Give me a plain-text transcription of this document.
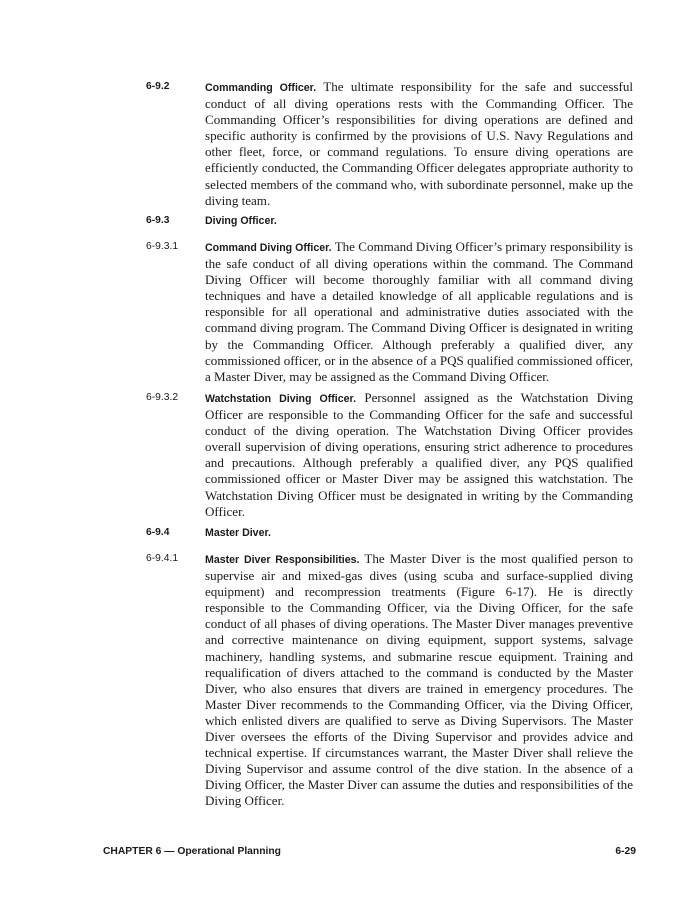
6-9.2	Commanding Officer. The ultimate responsibility for the safe and successful conduct of all diving operations rests with the Commanding Officer. The Commanding Officer’s responsibilities for diving operations are defined and specific authority is confirmed by the provisions of U.S. Navy Regulations and other fleet, force, or command regulations. To ensure diving operations are efficiently conducted, the Commanding Officer delegates appropriate authority to selected members of the command who, with subordinate personnel, make up the diving team.

6-9.3	Diving Officer.
6-9.3.1	Command Diving Officer. The Command Diving Officer’s primary responsibility is the safe conduct of all diving operations within the command. The Command Diving Officer will become thoroughly familiar with all command diving techniques and have a detailed knowledge of all applicable regulations and is responsible for all operational and administrative duties associated with the command diving program. The Command Diving Officer is designated in writing by the Commanding Officer. Although preferably a qualified diver, any commissioned officer, or in the absence of a PQS qualified commissioned officer, a Master Diver, may be assigned as the Command Diving Officer.

6-9.3.2	Watchstation Diving Officer. Personnel assigned as the Watchstation Diving Officer are responsible to the Commanding Officer for the safe and successful conduct of the diving operation. The Watchstation Diving Officer provides overall supervision of diving operations, ensuring strict adherence to procedures and precautions. Although preferably a qualified diver, any PQS qualified commissioned officer or Master Diver may be assigned this watchstation. The Watchstation Diving Officer must be designated in writing by the Commanding Officer.

6-9.4	Master Diver.
6-9.4.1	Master Diver Responsibilities. The Master Diver is the most qualified person to supervise air and mixed-gas dives (using scuba and surface-supplied diving equipment) and recompression treatments (Figure 6-17). He is directly responsible to the Commanding Officer, via the Diving Officer, for the safe conduct of all phases of diving operations. The Master Diver manages preventive and corrective maintenance on diving equipment, support systems, salvage machinery, handling systems, and submarine rescue equipment. Training and requalification of divers attached to the command is conducted by the Master Diver, who also ensures that divers are trained in emergency procedures. The Master Diver recommends to the Commanding Officer, via the Diving Officer, which enlisted divers are qualified to serve as Diving Supervisors. The Master Diver oversees the efforts of the Diving Supervisor and provides advice and technical expertise. If circumstances warrant, the Master Diver shall relieve the Diving Supervisor and assume control of the dive station. In the absence of a Diving Officer, the Master Diver can assume the duties and responsibilities of the Diving Officer.

CHAPTER 6 — Operational Planning	6-29
